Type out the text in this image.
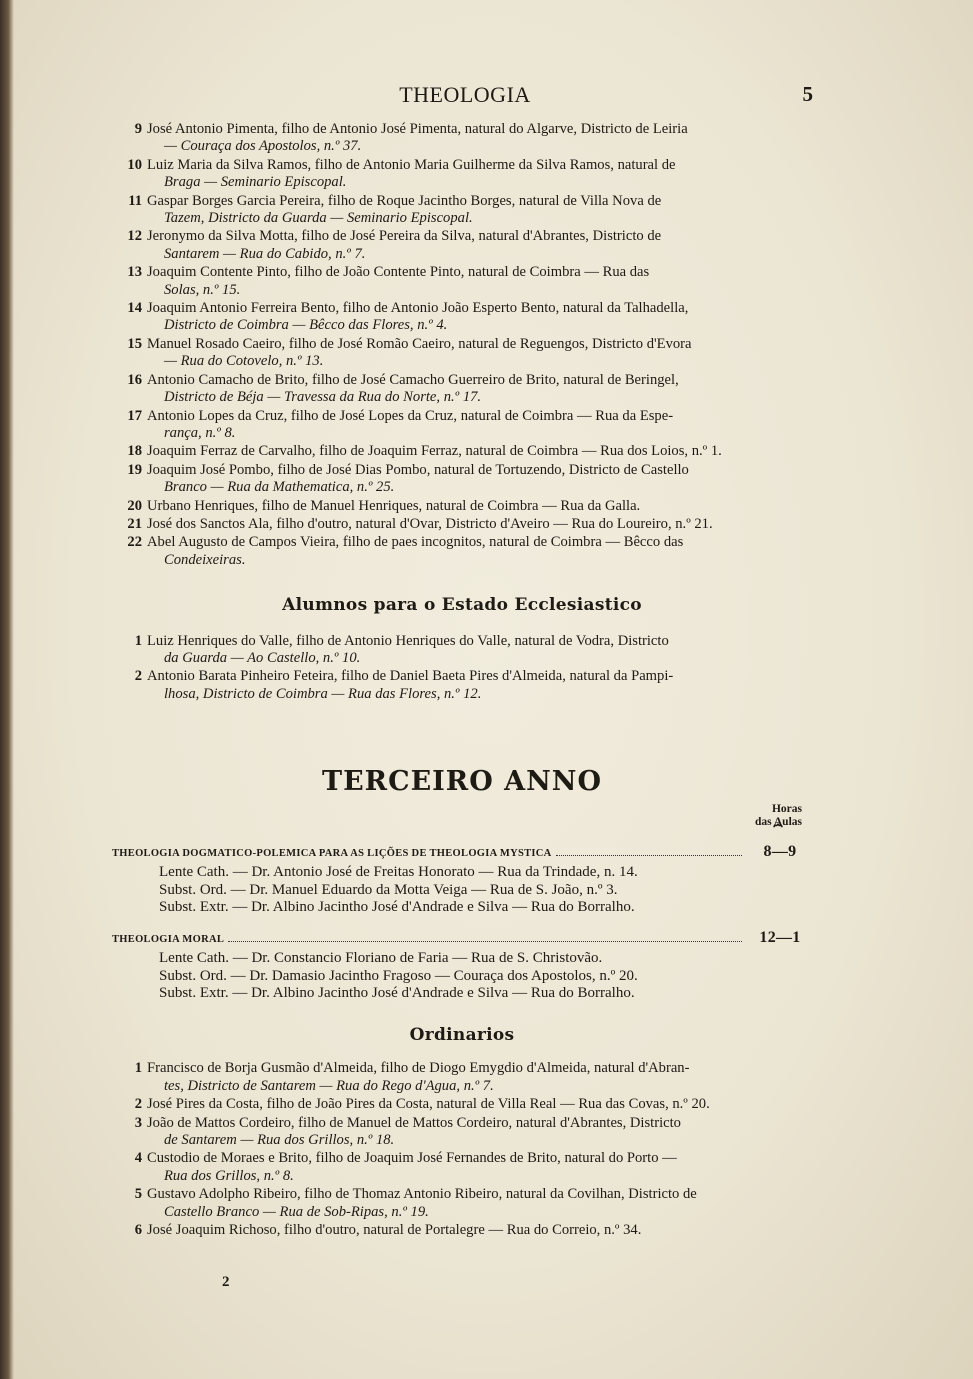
THEOLOGIA	5
9 José Antonio Pimenta, filho de Antonio José Pimenta, natural do Algarve, Districto de Leiria
— Couraça dos Apostolos, n.º 37.
10 Luiz Maria da Silva Ramos, filho de Antonio Maria Guilherme da Silva Ramos, natural de
Braga — Seminario Episcopal.
11 Gaspar Borges Garcia Pereira, filho de Roque Jacintho Borges, natural de Villa Nova de
Tazem, Districto da Guarda — Seminario Episcopal.
12 Jeronymo da Silva Motta, filho de José Pereira da Silva, natural d'Abrantes, Districto de
Santarem — Rua do Cabido, n.º 7.
13 Joaquim Contente Pinto, filho de João Contente Pinto, natural de Coimbra — Rua das
Solas, n.º 15.
14 Joaquim Antonio Ferreira Bento, filho de Antonio João Esperto Bento, natural da Talhadella,
Districto de Coimbra — Bêcco das Flores, n.º 4.
15 Manuel Rosado Caeiro, filho de José Romão Caeiro, natural de Reguengos, Districto d'Evora
— Rua do Cotovelo, n.º 13.
16 Antonio Camacho de Brito, filho de José Camacho Guerreiro de Brito, natural de Beringel,
Districto de Béja — Travessa da Rua do Norte, n.º 17.
17 Antonio Lopes da Cruz, filho de José Lopes da Cruz, natural de Coimbra — Rua da Espe-
rança, n.º 8.
18 Joaquim Ferraz de Carvalho, filho de Joaquim Ferraz, natural de Coimbra — Rua dos Loios, n.º 1.
19 Joaquim José Pombo, filho de José Dias Pombo, natural de Tortuzendo, Districto de Castello
Branco — Rua da Mathematica, n.º 25.
20 Urbano Henriques, filho de Manuel Henriques, natural de Coimbra — Rua da Galla.
21 José dos Sanctos Ala, filho d'outro, natural d'Ovar, Districto d'Aveiro — Rua do Loureiro, n.º 21.
22 Abel Augusto de Campos Vieira, filho de paes incognitos, natural de Coimbra — Bêcco das
Condeixeiras.
Alumnos para o Estado Ecclesiastico
1 Luiz Henriques do Valle, filho de Antonio Henriques do Valle, natural de Vodra, Districto
da Guarda — Ao Castello, n.º 10.
2 Antonio Barata Pinheiro Feteira, filho de Daniel Baeta Pires d'Almeida, natural da Pampi-
lhosa, Districto de Coimbra — Rua das Flores, n.º 12.
TERCEIRO ANNO
Horas
das Aulas
⏞
THEOLOGIA DOGMATICO-POLEMICA PARA AS LIÇÕES DE THEOLOGIA MYSTICA	8—9
Lente Cath. — Dr. Antonio José de Freitas Honorato — Rua da Trindade, n. 14.
Subst. Ord. — Dr. Manuel Eduardo da Motta Veiga — Rua de S. João, n.º 3.
Subst. Extr. — Dr. Albino Jacintho José d'Andrade e Silva — Rua do Borralho.
THEOLOGIA MORAL	12—1
Lente Cath. — Dr. Constancio Floriano de Faria — Rua de S. Christovão.
Subst. Ord. — Dr. Damasio Jacintho Fragoso — Couraça dos Apostolos, n.º 20.
Subst. Extr. — Dr. Albino Jacintho José d'Andrade e Silva — Rua do Borralho.
Ordinarios
1 Francisco de Borja Gusmão d'Almeida, filho de Diogo Emygdio d'Almeida, natural d'Abran-
tes, Districto de Santarem — Rua do Rego d'Agua, n.º 7.
2 José Pires da Costa, filho de João Pires da Costa, natural de Villa Real — Rua das Covas, n.º 20.
3 João de Mattos Cordeiro, filho de Manuel de Mattos Cordeiro, natural d'Abrantes, Districto
de Santarem — Rua dos Grillos, n.º 18.
4 Custodio de Moraes e Brito, filho de Joaquim José Fernandes de Brito, natural do Porto —
Rua dos Grillos, n.º 8.
5 Gustavo Adolpho Ribeiro, filho de Thomaz Antonio Ribeiro, natural da Covilhan, Districto de
Castello Branco — Rua de Sob-Ripas, n.º 19.
6 José Joaquim Richoso, filho d'outro, natural de Portalegre — Rua do Correio, n.º 34.
2
